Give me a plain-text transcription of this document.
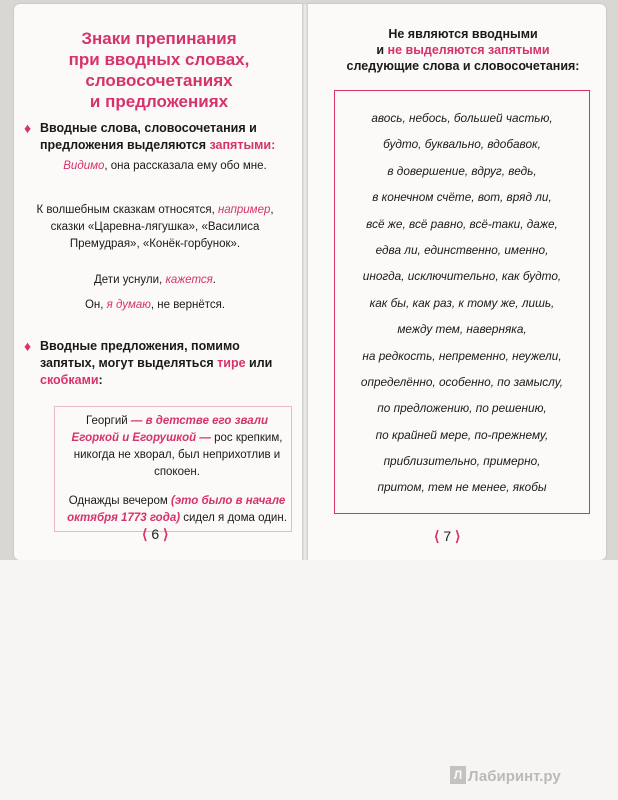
Знаки препинания
при вводных словах,
словосочетаниях
и предложениях
♦ Вводные слова, словосочетания и предложения выделяются запятыми:
Видимо, она рассказала ему обо мне.
К волшебным сказкам относятся, например, сказки «Царевна-лягушка», «Василиса Премудрая», «Конёк-горбунок».
Дети уснули, кажется.
Он, я думаю, не вернётся.
♦ Вводные предложения, помимо запятых, могут выделяться тире или скобками:

Георгий — в детстве его звали Егоркой и Егорушкой — рос крепким, никогда не хворал, был неприхотлив и спокоен.

Однажды вечером (это было в начале октября 1773 года) сидел я дома один.

⟨ 6 ⟩
Не являются вводными
и не выделяются запятыми
следующие слова и словосочетания:
авось, небось, большей частью,
будто, буквально, вдобавок,
в довершение, вдруг, ведь,
в конечном счёте, вот, вряд ли,
всё же, всё равно, всё-таки, даже,
едва ли, единственно, именно,
иногда, исключительно, как будто,
как бы, как раз, к тому же, лишь,
между тем, наверняка,
на редкость, непременно, неужели,
определённо, особенно, по замыслу,
по предложению, по решению,
по крайней мере, по-прежнему,
приблизительно, примерно,
притом, тем не менее, якобы
⟨ 7 ⟩
Л Лабиринт.ру
